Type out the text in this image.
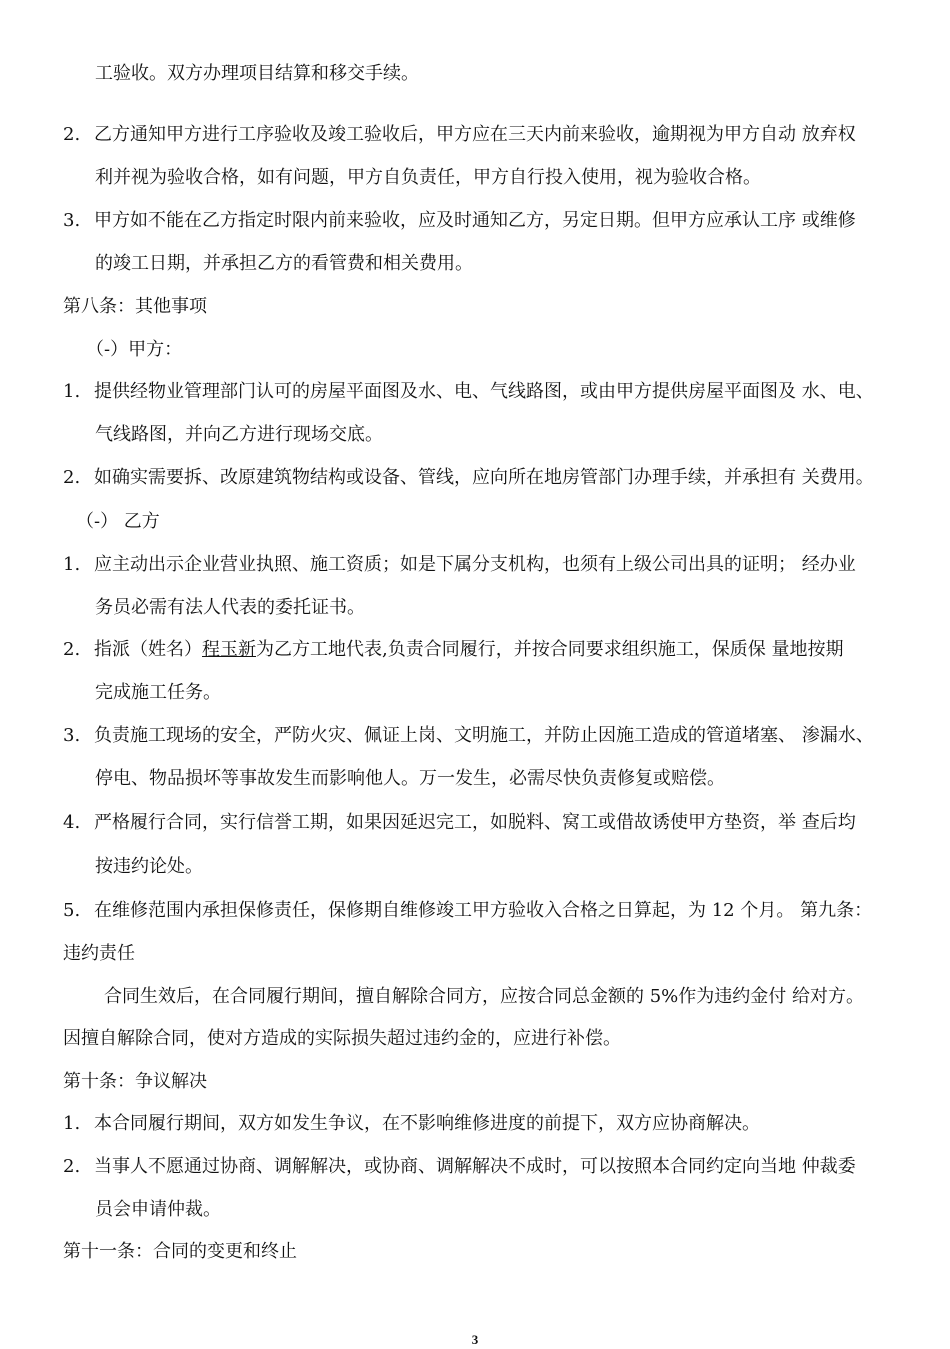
工验收。双方办理项目结算和移交手续。
2. 乙方通知甲方进行工序验收及竣工验收后，甲方应在三天内前来验收，逾期视为甲方自动 放弃权
利并视为验收合格，如有问题，甲方自负责任，甲方自行投入使用，视为验收合格。
3. 甲方如不能在乙方指定时限内前来验收，应及时通知乙方，另定日期。但甲方应承认工序 或维修
的竣工日期，并承担乙方的看管费和相关费用。
第八条：其他事项
（-）甲方：
1. 提供经物业管理部门认可的房屋平面图及水、电、气线路图，或由甲方提供房屋平面图及 水、电、
气线路图，并向乙方进行现场交底。
2. 如确实需要拆、改原建筑物结构或设备、管线，应向所在地房管部门办理手续，并承担有 关费用。
（-） 乙方
1. 应主动出示企业营业执照、施工资质；如是下属分支机构，也须有上级公司出具的证明； 经办业
务员必需有法人代表的委托证书。
2. 指派（姓名）程玉新为乙方工地代表,负责合同履行，并按合同要求组织施工，保质保 量地按期
完成施工任务。
3. 负责施工现场的安全，严防火灾、佩证上岗、文明施工，并防止因施工造成的管道堵塞、 渗漏水、
停电、物品损坏等事故发生而影响他人。万一发生，必需尽快负责修复或赔偿。
4. 严格履行合同，实行信誉工期，如果因延迟完工，如脱料、窝工或借故诱使甲方垫资，举 查后均
按违约论处。
5. 在维修范围内承担保修责任，保修期自维修竣工甲方验收入合格之日算起，为 12 个月。 第九条：
违约责任
合同生效后，在合同履行期间，擅自解除合同方，应按合同总金额的 5%作为违约金付 给对方。
因擅自解除合同，使对方造成的实际损失超过违约金的，应进行补偿。
第十条：争议解决
1. 本合同履行期间，双方如发生争议，在不影响维修进度的前提下，双方应协商解决。
2. 当事人不愿通过协商、调解解决，或协商、调解解决不成时，可以按照本合同约定向当地 仲裁委
员会申请仲裁。
第十一条：合同的变更和终止
3
